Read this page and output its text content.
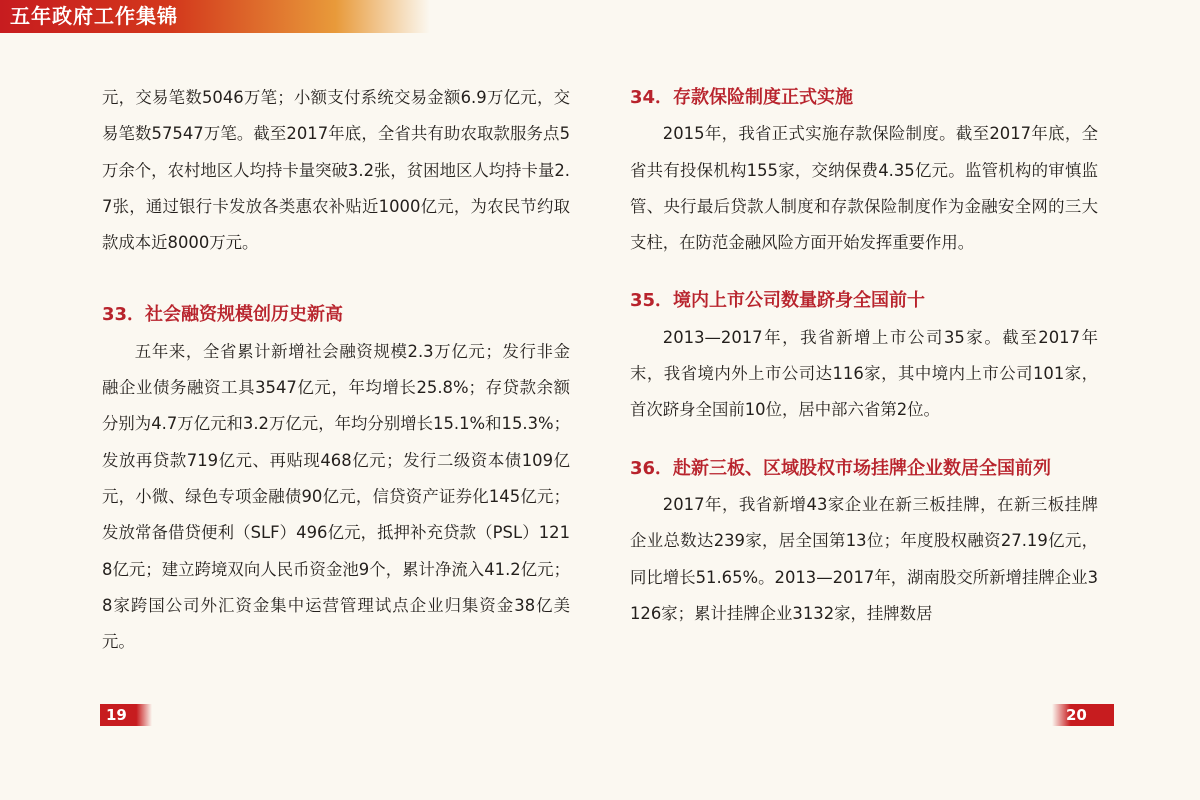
五年政府工作集锦

元，交易笔数5046万笔；小额支付系统交易金额6.9万亿元，交易笔数57547万笔。截至2017年底，全省共有助农取款服务点5万余个，农村地区人均持卡量突破3.2张，贫困地区人均持卡量2.7张，通过银行卡发放各类惠农补贴近1000亿元，为农民节约取款成本近8000万元。

33．社会融资规模创历史新高

五年来，全省累计新增社会融资规模2.3万亿元；发行非金融企业债务融资工具3547亿元，年均增长25.8%；存贷款余额分别为4.7万亿元和3.2万亿元，年均分别增长15.1%和15.3%；发放再贷款719亿元、再贴现468亿元；发行二级资本债109亿元，小微、绿色专项金融债90亿元，信贷资产证券化145亿元；发放常备借贷便利（SLF）496亿元，抵押补充贷款（PSL）1218亿元；建立跨境双向人民币资金池9个，累计净流入41.2亿元；8家跨国公司外汇资金集中运营管理试点企业归集资金38亿美元。

34．存款保险制度正式实施

2015年，我省正式实施存款保险制度。截至2017年底，全省共有投保机构155家，交纳保费4.35亿元。监管机构的审慎监管、央行最后贷款人制度和存款保险制度作为金融安全网的三大支柱，在防范金融风险方面开始发挥重要作用。

35．境内上市公司数量跻身全国前十

2013—2017年，我省新增上市公司35家。截至2017年末，我省境内外上市公司达116家，其中境内上市公司101家，首次跻身全国前10位，居中部六省第2位。

36．赴新三板、区域股权市场挂牌企业数居全国前列

2017年，我省新增43家企业在新三板挂牌，在新三板挂牌企业总数达239家，居全国第13位；年度股权融资27.19亿元，同比增长51.65%。2013—2017年，湖南股交所新增挂牌企业3126家；累计挂牌企业3132家，挂牌数居

19	20
